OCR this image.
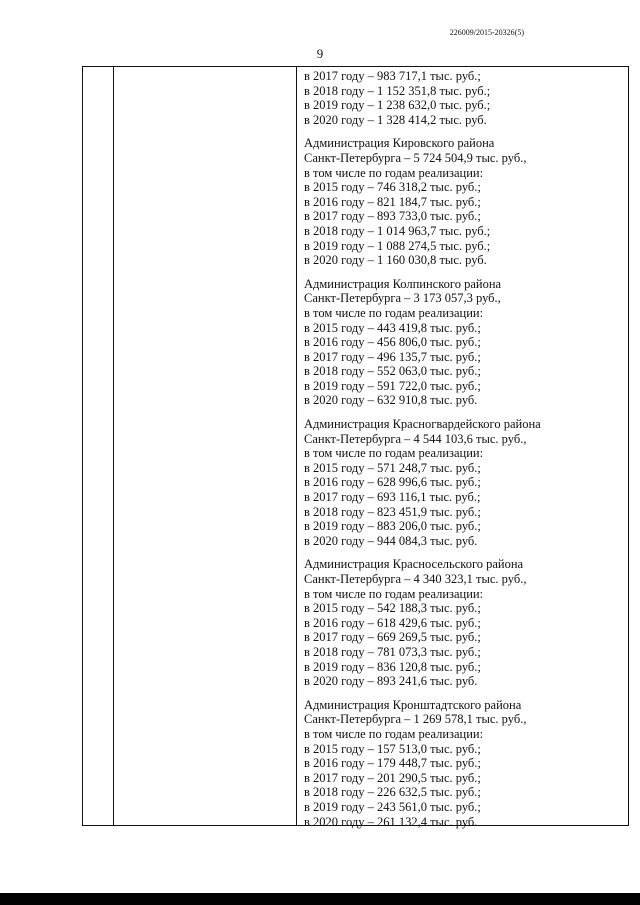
226009/2015-20326(5)
9

в 2017 году – 983 717,1 тыс. руб.;

в 2018 году – 1 152 351,8 тыс. руб.;

в 2019 году – 1 238 632,0 тыс. руб.;

в 2020 году – 1 328 414,2 тыс. руб.

Администрация Кировского района

Санкт-Петербурга – 5 724 504,9 тыс. руб.,

в том числе по годам реализации:

в 2015 году – 746 318,2 тыс. руб.;

в 2016 году – 821 184,7 тыс. руб.;

в 2017 году – 893 733,0 тыс. руб.;

в 2018 году – 1 014 963,7 тыс. руб.;

в 2019 году – 1 088 274,5 тыс. руб.;

в 2020 году – 1 160 030,8 тыс. руб.

Администрация Колпинского района

Санкт-Петербурга – 3 173 057,3 руб.,

в том числе по годам реализации:

в 2015 году – 443 419,8 тыс. руб.;

в 2016 году – 456 806,0 тыс. руб.;

в 2017 году – 496 135,7 тыс. руб.;

в 2018 году – 552 063,0 тыс. руб.;

в 2019 году – 591 722,0 тыс. руб.;

в 2020 году – 632 910,8 тыс. руб.

Администрация Красногвардейского района

Санкт-Петербурга – 4 544 103,6 тыс. руб.,

в том числе по годам реализации:

в 2015 году – 571 248,7 тыс. руб.;

в 2016 году – 628 996,6 тыс. руб.;

в 2017 году – 693 116,1 тыс. руб.;

в 2018 году – 823 451,9 тыс. руб.;

в 2019 году – 883 206,0 тыс. руб.;

в 2020 году – 944 084,3 тыс. руб.

Администрация Красносельского района

Санкт-Петербурга – 4 340 323,1 тыс. руб.,

в том числе по годам реализации:

в 2015 году – 542 188,3 тыс. руб.;

в 2016 году – 618 429,6 тыс. руб.;

в 2017 году – 669 269,5 тыс. руб.;

в 2018 году – 781 073,3 тыс. руб.;

в 2019 году – 836 120,8 тыс. руб.;

в 2020 году – 893 241,6 тыс. руб.

Администрация Кронштадтского района

Санкт-Петербурга – 1 269 578,1 тыс. руб.,

в том числе по годам реализации:

в 2015 году – 157 513,0 тыс. руб.;

в 2016 году – 179 448,7 тыс. руб.;

в 2017 году – 201 290,5 тыс. руб.;

в 2018 году – 226 632,5 тыс. руб.;

в 2019 году – 243 561,0 тыс. руб.;

в 2020 году – 261 132,4 тыс. руб.
